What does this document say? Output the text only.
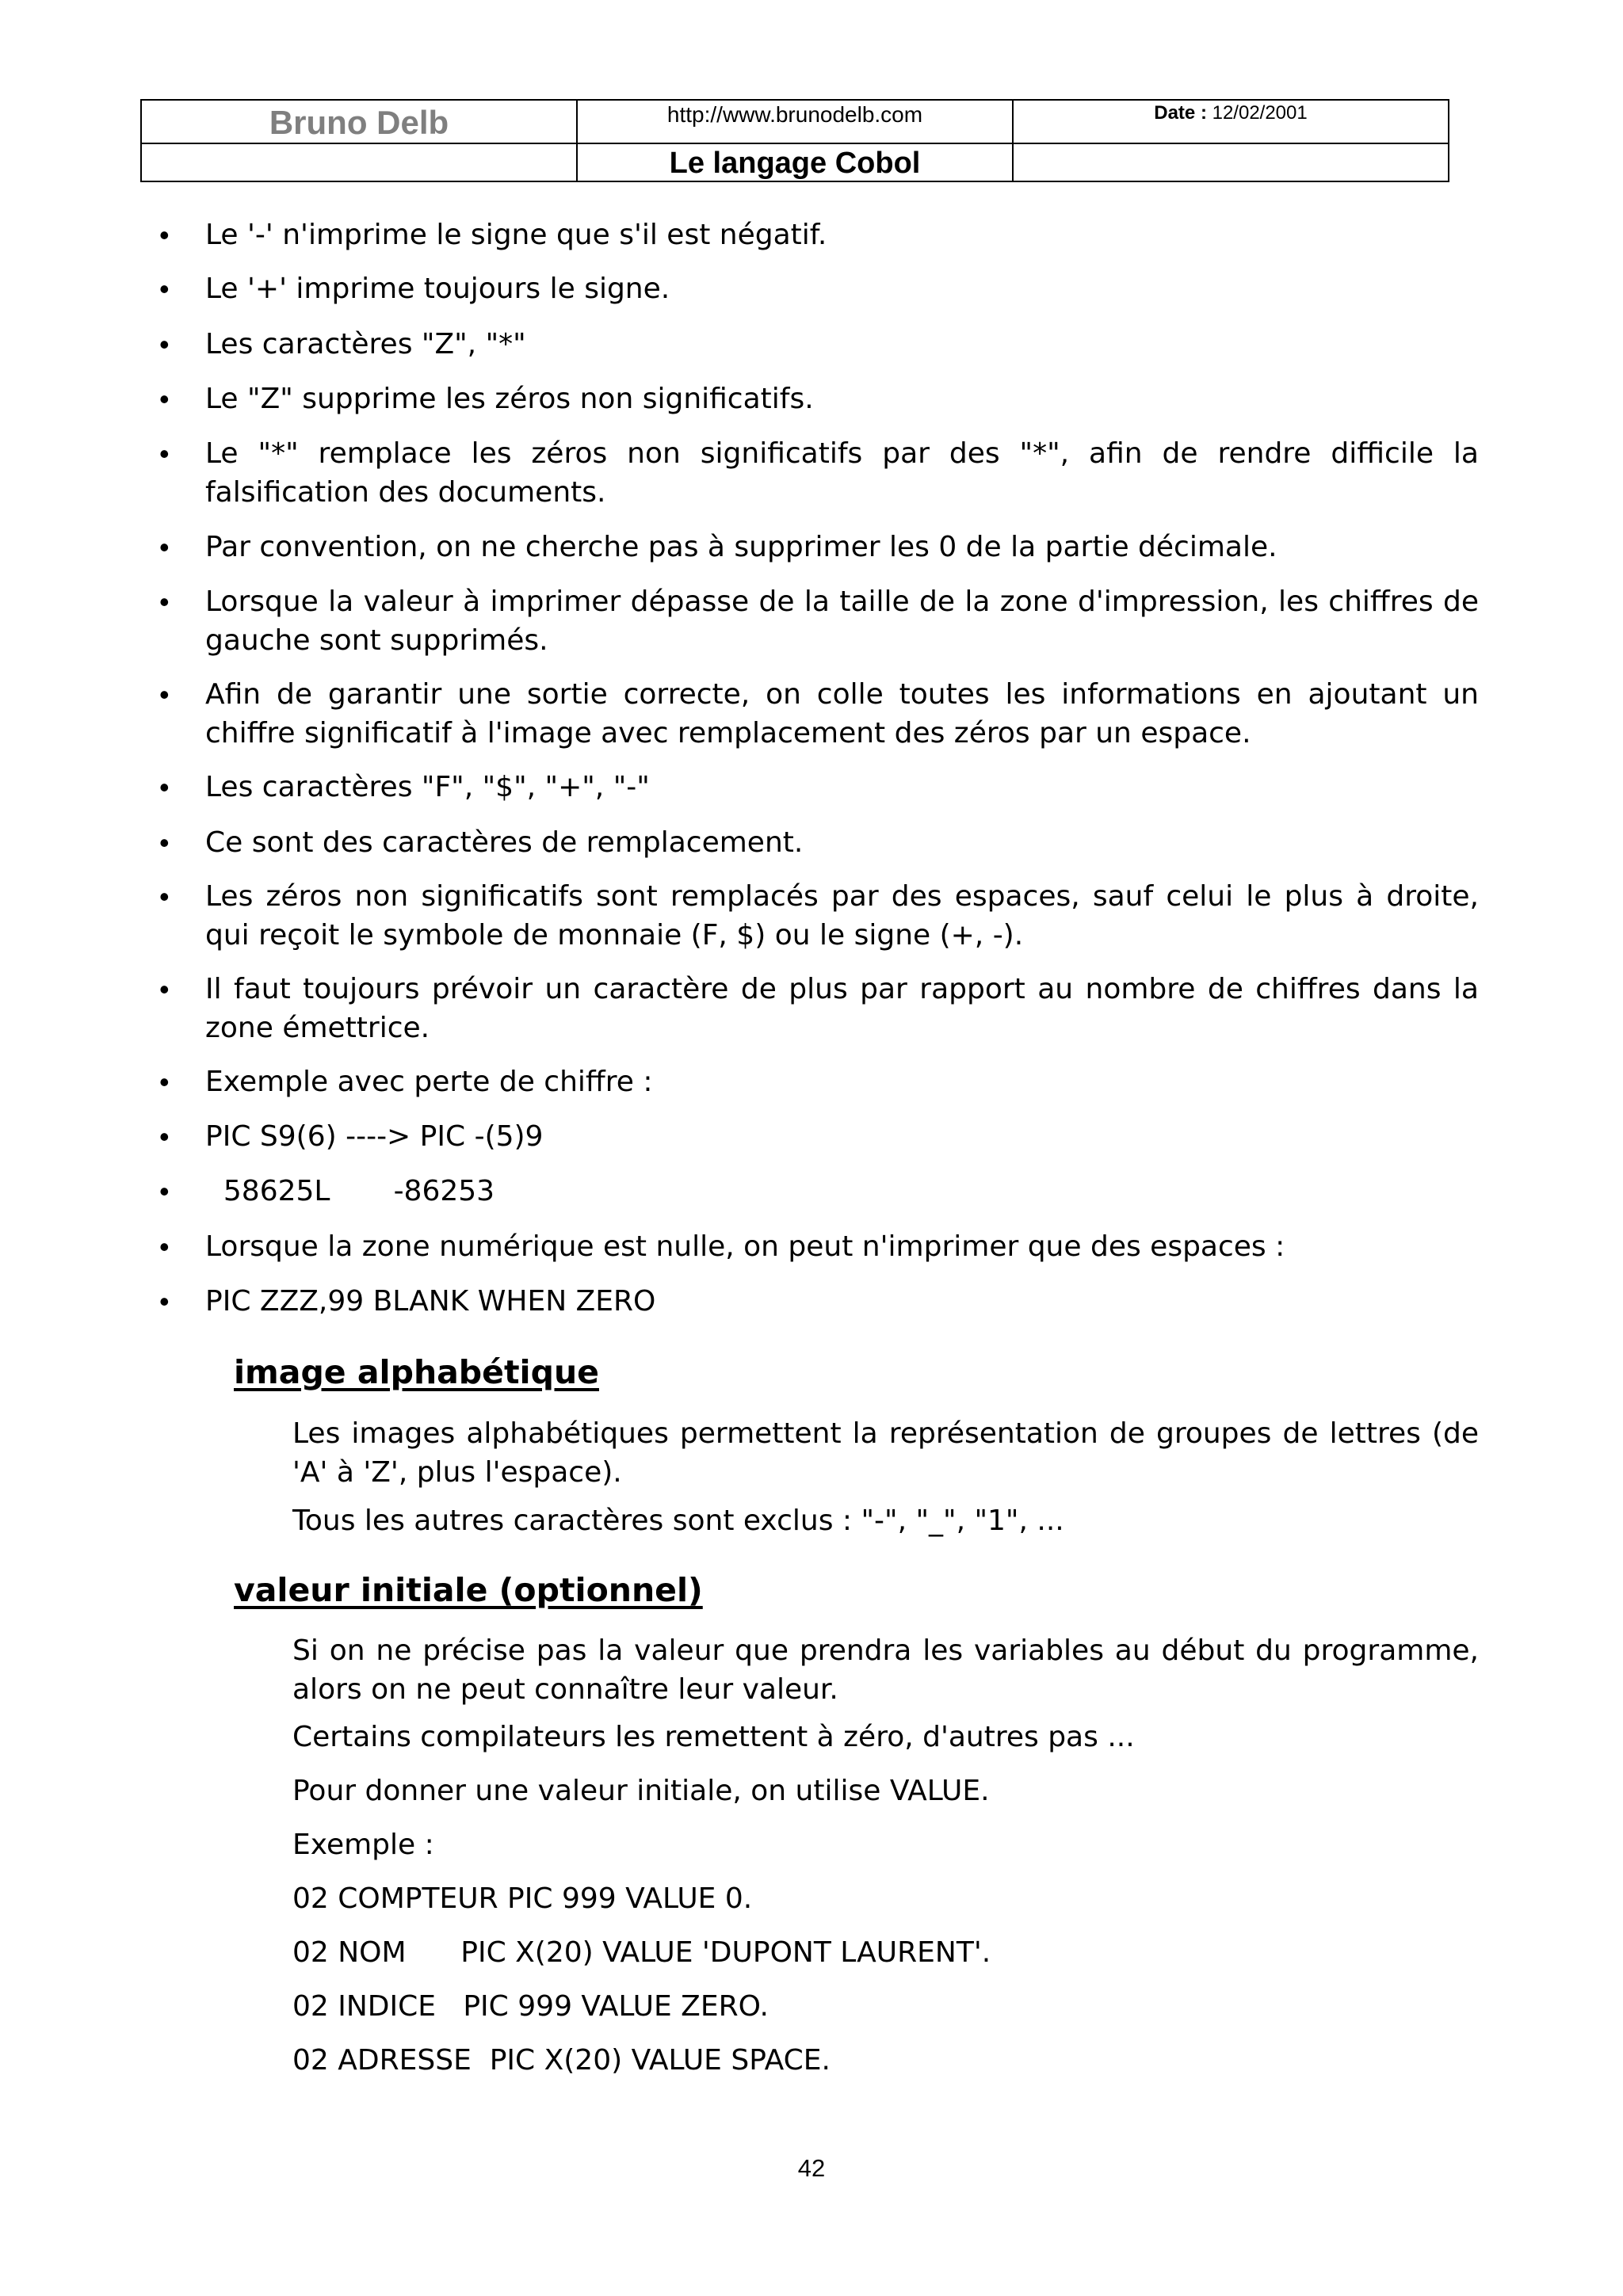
Bruno Delb	http://www.brunodelb.com	Date : 12/02/2001
Le langage Cobol
• Le '-' n'imprime le signe que s'il est négatif.
• Le '+' imprime toujours le signe.
• Les caractères "Z", "*"
• Le "Z" supprime les zéros non significatifs.
• Le "*" remplace les zéros non significatifs par des "*", afin de rendre difficile la falsification des documents.
• Par convention, on ne cherche pas à supprimer les 0 de la partie décimale.
• Lorsque la valeur à imprimer dépasse de la taille de la zone d'impression, les chiffres de gauche sont supprimés.
• Afin de garantir une sortie correcte, on colle toutes les informations en ajoutant un chiffre significatif à l'image avec remplacement des zéros par un espace.
• Les caractères "F", "$", "+", "-"
• Ce sont des caractères de remplacement.
• Les zéros non significatifs sont remplacés par des espaces, sauf celui le plus à droite, qui reçoit le symbole de monnaie (F, $) ou le signe (+, -).
• Il faut toujours prévoir un caractère de plus par rapport au nombre de chiffres dans la zone émettrice.
• Exemple avec perte de chiffre :
• PIC S9(6) ----> PIC -(5)9
•   58625L       -86253
• Lorsque la zone numérique est nulle, on peut n'imprimer que des espaces :
• PIC ZZZ,99 BLANK WHEN ZERO
image alphabétique
Les images alphabétiques permettent la représentation de groupes de lettres (de 'A' à 'Z', plus l'espace).
Tous les autres caractères sont exclus : "-", "_", "1", ...
valeur initiale (optionnel)
Si on ne précise pas la valeur que prendra les variables au début du programme, alors on ne peut connaître leur valeur.
Certains compilateurs les remettent à zéro, d'autres pas ...
Pour donner une valeur initiale, on utilise VALUE.
Exemple :
02 COMPTEUR PIC 999 VALUE 0.
02 NOM      PIC X(20) VALUE 'DUPONT LAURENT'.
02 INDICE   PIC 999 VALUE ZERO.
02 ADRESSE  PIC X(20) VALUE SPACE.
42
